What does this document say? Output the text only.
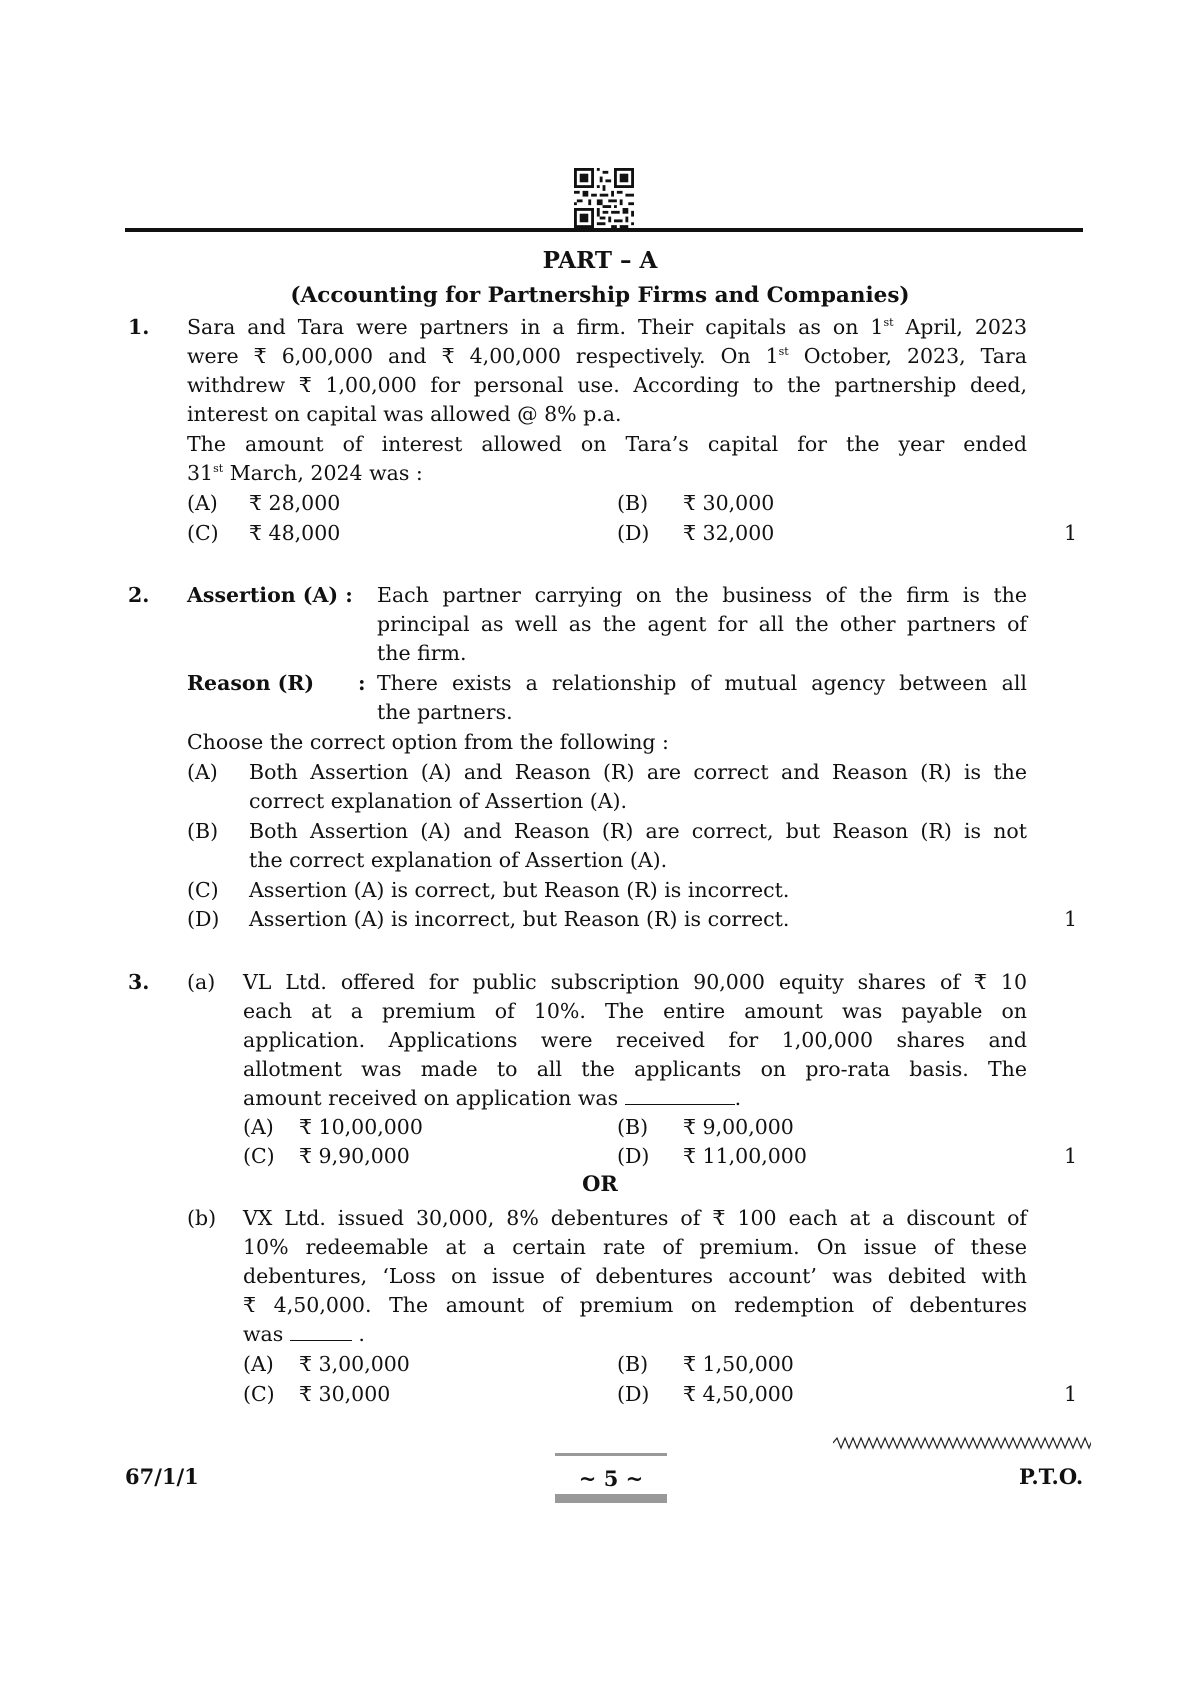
PART – A
(Accounting for Partnership Firms and Companies)
1. Sara and Tara were partners in a firm. Their capitals as on 1st April, 2023
were ₹ 6,00,000 and ₹ 4,00,000 respectively. On 1st October, 2023, Tara
withdrew ₹ 1,00,000 for personal use. According to the partnership deed,
interest on capital was allowed @ 8% p.a.
The amount of interest allowed on Tara’s capital for the year ended
31st March, 2024 was :
(A) ₹ 28,000	(B) ₹ 30,000
(C) ₹ 48,000	(D) ₹ 32,000	1
2. Assertion (A) : Each partner carrying on the business of the firm is the
principal as well as the agent for all the other partners of
the firm.
Reason (R) : There exists a relationship of mutual agency between all
the partners.
Choose the correct option from the following :
(A) Both Assertion (A) and Reason (R) are correct and Reason (R) is the
correct explanation of Assertion (A).
(B) Both Assertion (A) and Reason (R) are correct, but Reason (R) is not
the correct explanation of Assertion (A).
(C) Assertion (A) is correct, but Reason (R) is incorrect.
(D) Assertion (A) is incorrect, but Reason (R) is correct.	1
3. (a) VL Ltd. offered for public subscription 90,000 equity shares of ₹ 10
each at a premium of 10%. The entire amount was payable on
application. Applications were received for 1,00,000 shares and
allotment was made to all the applicants on pro-rata basis. The
amount received on application was	.
(A) ₹ 10,00,000	(B) ₹ 9,00,000
(C) ₹ 9,90,000	(D) ₹ 11,00,000	1
OR
(b) VX Ltd. issued 30,000, 8% debentures of ₹ 100 each at a discount of
10% redeemable at a certain rate of premium. On issue of these
debentures, ‘Loss on issue of debentures account’ was debited with
₹ 4,50,000. The amount of premium on redemption of debentures
was	.
(A) ₹ 3,00,000	(B) ₹ 1,50,000
(C) ₹ 30,000	(D) ₹ 4,50,000	1
67/1/1	~ 5 ~	P.T.O.
